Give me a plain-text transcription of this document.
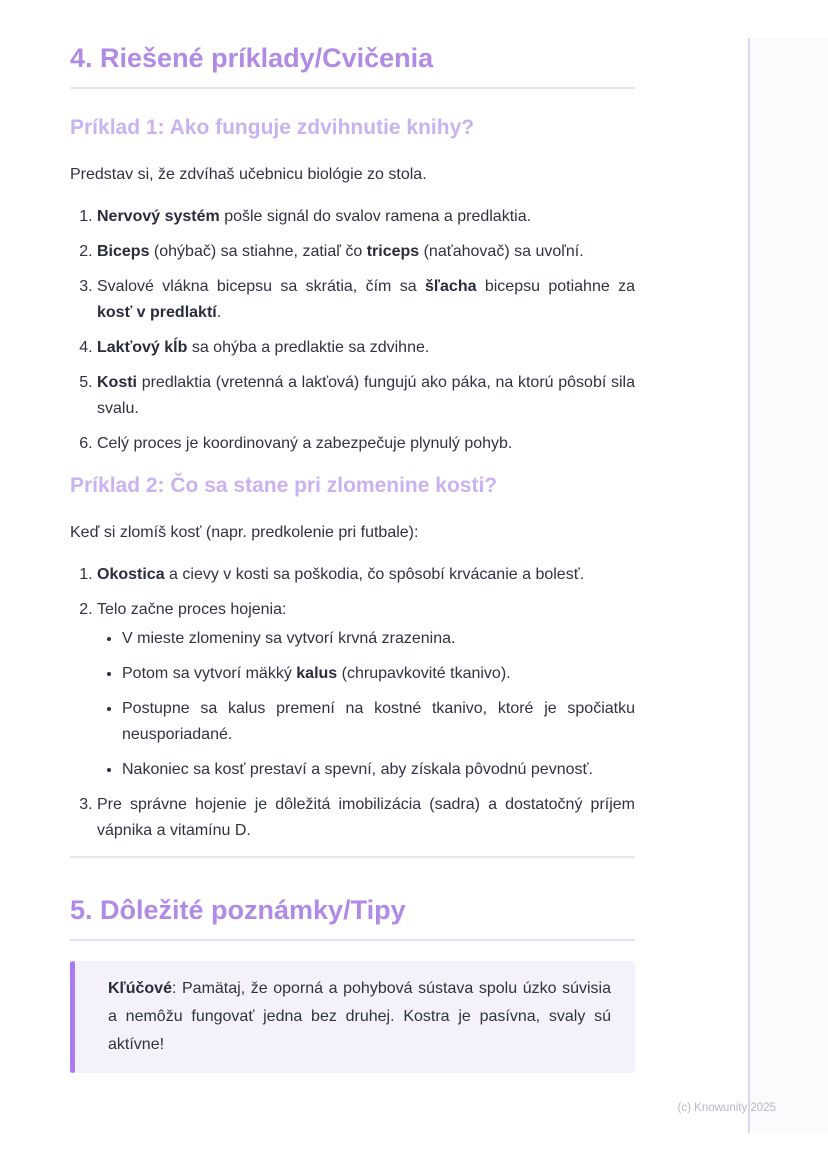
4. Riešené príklady/Cvičenia
Príklad 1: Ako funguje zdvihnutie knihy?

Predstav si, že zdvíhaš učebnicu biológie zo stola.

1. Nervový systém pošle signál do svalov ramena a predlaktia.
2. Biceps (ohýbač) sa stiahne, zatiaľ čo triceps (naťahovač) sa uvoľní.
3. Svalové vlákna bicepsu sa skrátia, čím sa šľacha bicepsu potiahne za kosť v predlaktí.
4. Lakťový kĺb sa ohýba a predlaktie sa zdvihne.
5. Kosti predlaktia (vretenná a lakťová) fungujú ako páka, na ktorú pôsobí sila svalu.
6. Celý proces je koordinovaný a zabezpečuje plynulý pohyb.
Príklad 2: Čo sa stane pri zlomenine kosti?

Keď si zlomíš kosť (napr. predkolenie pri futbale):

1. Okostica a cievy v kosti sa poškodia, čo spôsobí krvácanie a bolesť.
2. Telo začne proces hojenia:
• V mieste zlomeniny sa vytvorí krvná zrazenina.
• Potom sa vytvorí mäkký kalus (chrupavkovité tkanivo).
• Postupne sa kalus premení na kostné tkanivo, ktoré je spočiatku neusporiadané.
• Nakoniec sa kosť prestaví a spevní, aby získala pôvodnú pevnosť.
3. Pre správne hojenie je dôležitá imobilizácia (sadra) a dostatočný príjem vápnika a vitamínu D.
5. Dôležité poznámky/Tipy

Kľúčové: Pamätaj, že oporná a pohybová sústava spolu úzko súvisia a nemôžu fungovať jedna bez druhej. Kostra je pasívna, svaly sú aktívne!

(c) Knowunity 2025
